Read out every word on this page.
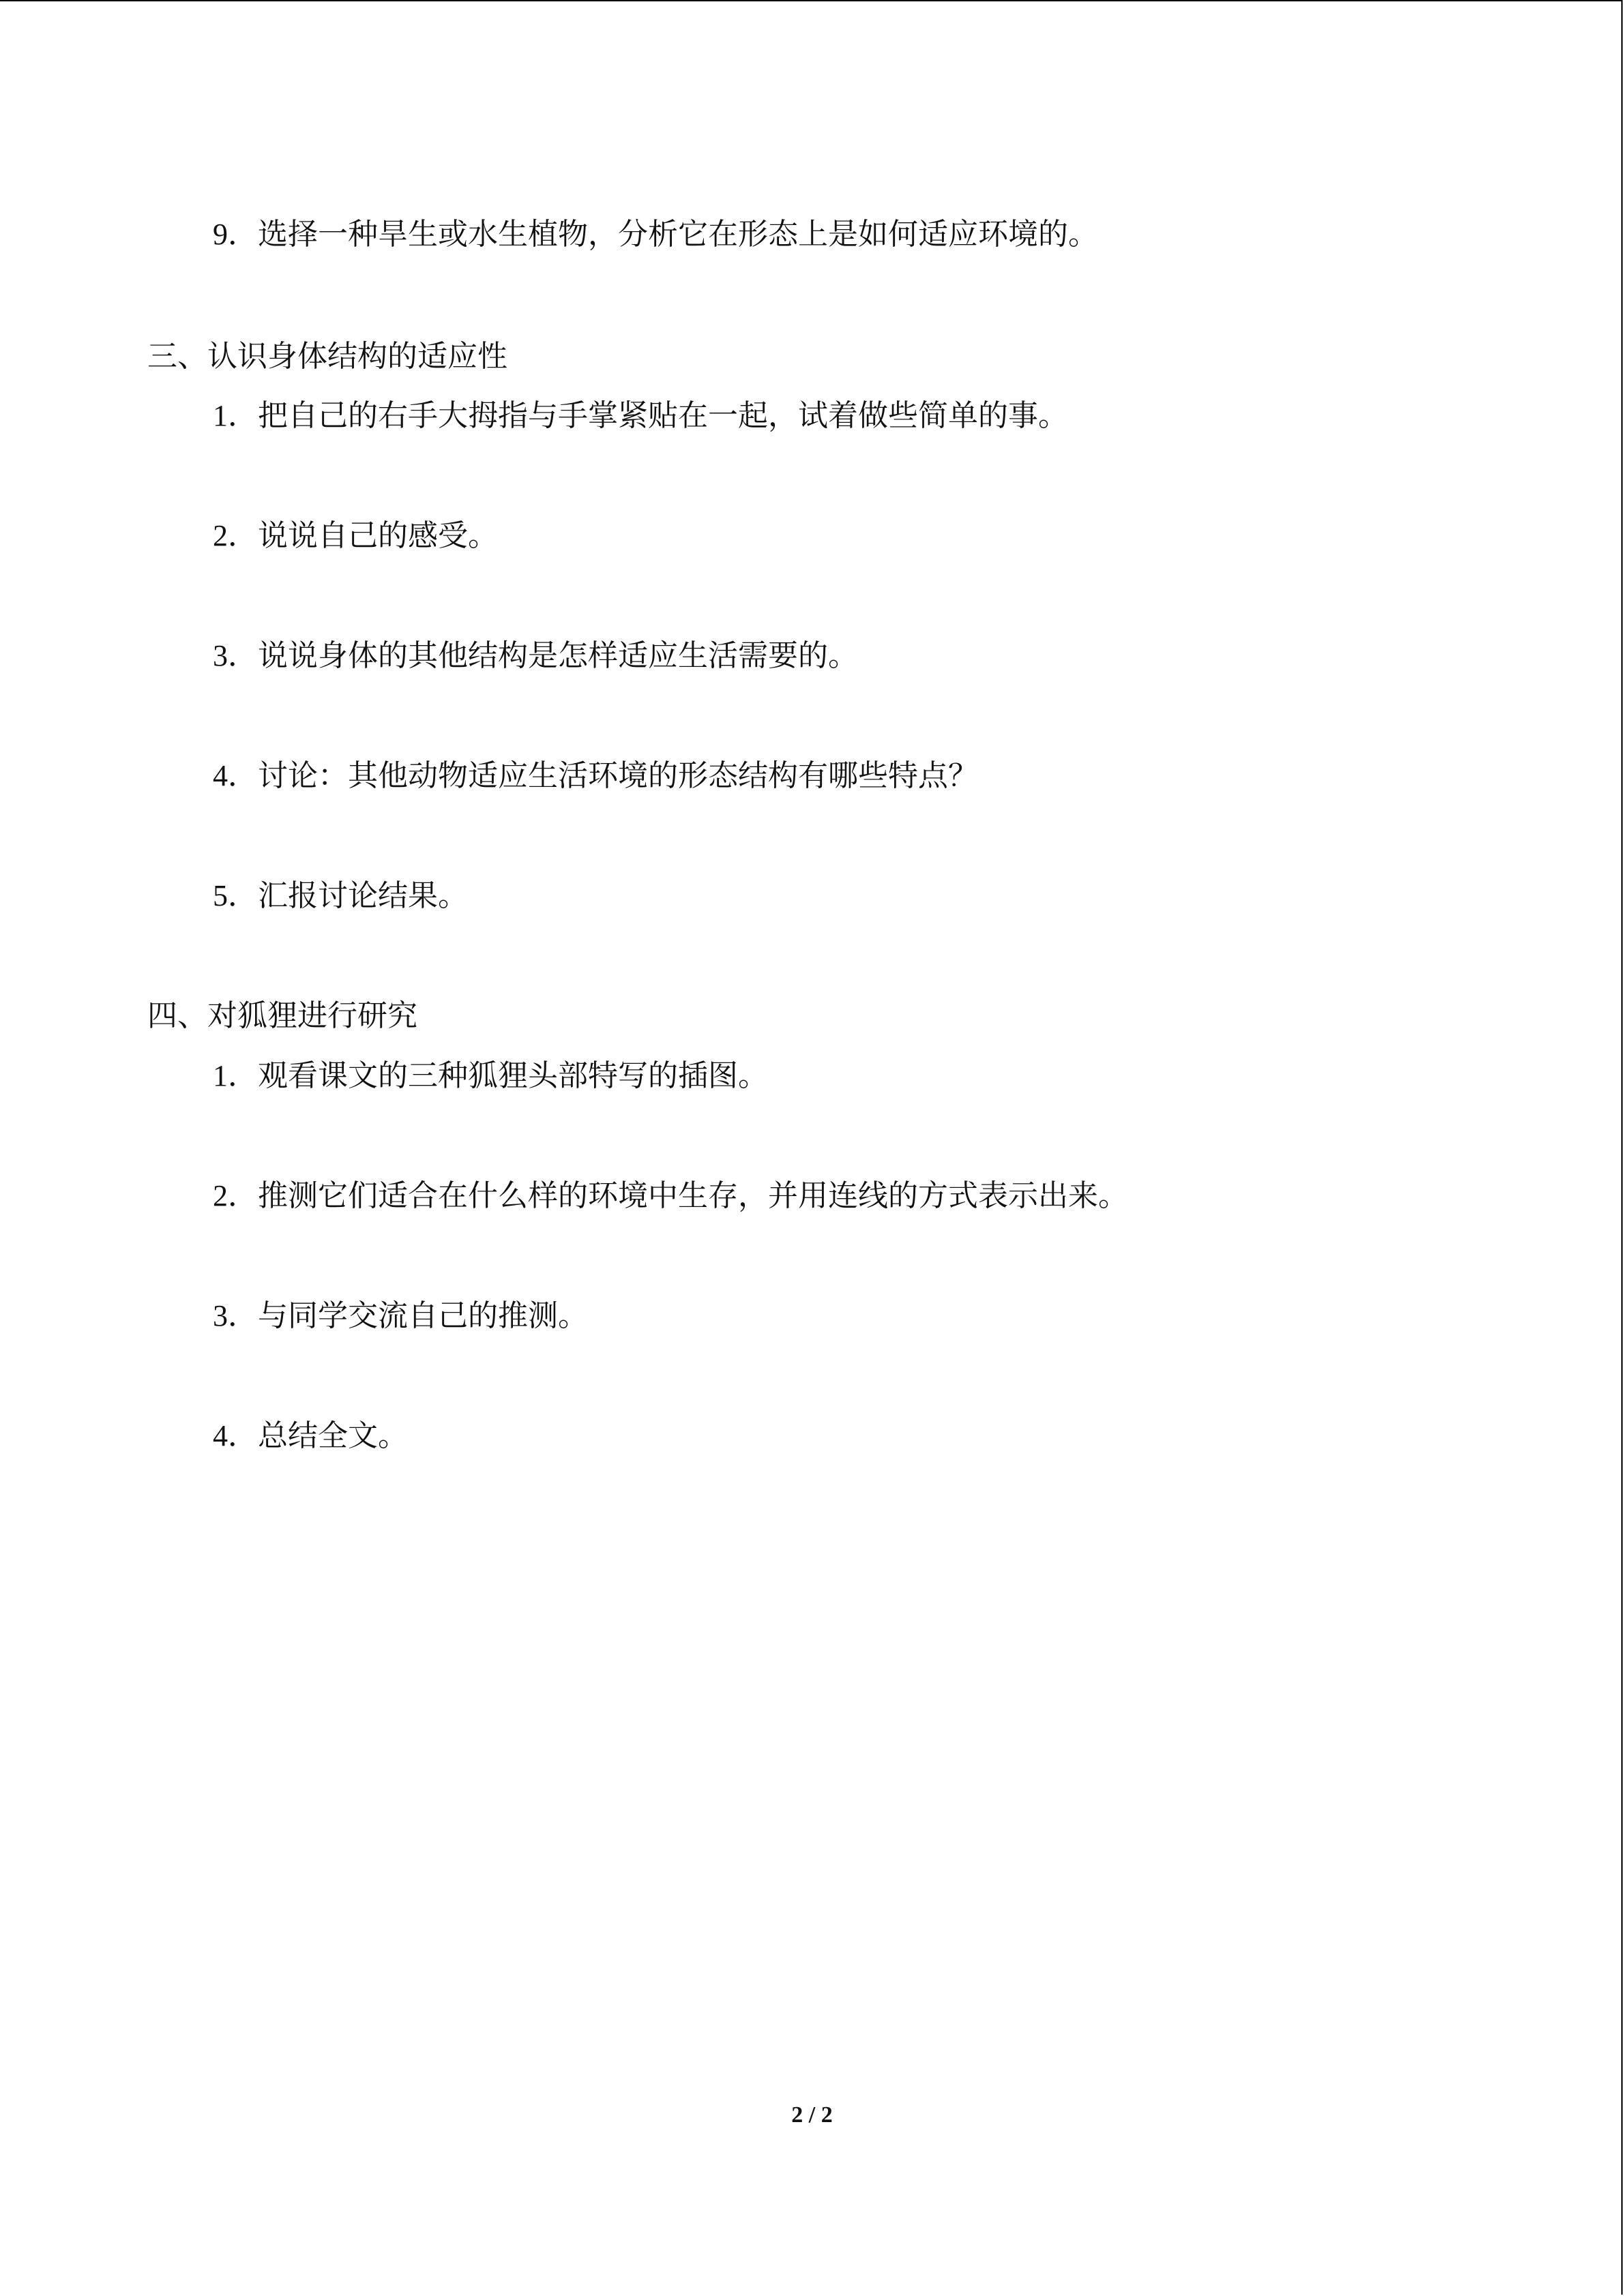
9．选择一种旱生或水生植物，分析它在形态上是如何适应环境的。
三、认识身体结构的适应性
1．把自己的右手大拇指与手掌紧贴在一起，试着做些简单的事。
2．说说自己的感受。
3．说说身体的其他结构是怎样适应生活需要的。
4．讨论：其他动物适应生活环境的形态结构有哪些特点？
5．汇报讨论结果。
四、对狐狸进行研究
1．观看课文的三种狐狸头部特写的插图。
2．推测它们适合在什么样的环境中生存，并用连线的方式表示出来。
3．与同学交流自己的推测。
4．总结全文。
2 / 2
